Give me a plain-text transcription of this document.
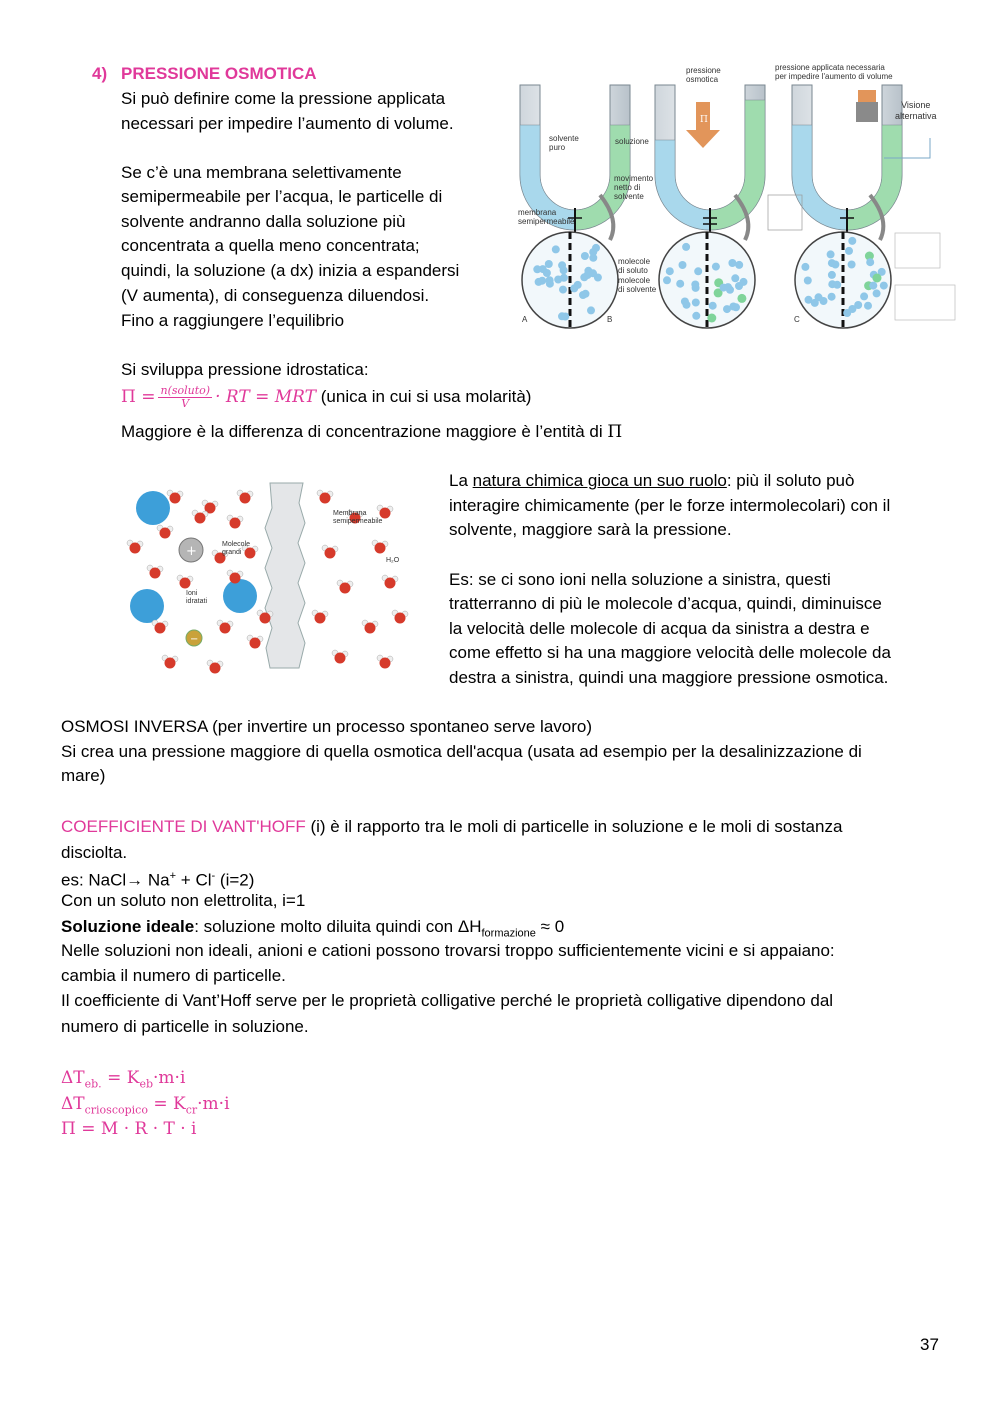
4) PRESSIONE OSMOTICA
Si può definire come la pressione applicata
necessari per impedire l’aumento di volume.
Se c’è una membrana selettivamente
semipermeabile per l’acqua, le particelle di
solvente andranno dalla soluzione più
concentrata a quella meno concentrata;
quindi, la soluzione (a dx) inizia a espandersi
(V aumenta), di conseguenza diluendosi.
Fino a raggiungere l’equilibrio
Si sviluppa pressione idrostatica:
$\Pi = \frac{\text{n(soluto)}}{V}$ · RT = MRT (unica in cui si usa molarità)
Maggiore è la differenza di concentrazione maggiore è l’entità di Π
Π
solvente
puro
soluzione
pressione
osmotica
pressione applicata necessaria
per impedire l'aumento di volume
Visione
alternativa
movimento
netto di
solvente
membrana
semipermeabile
molecole
di soluto
molecole
di solvente
A	B	C
+
−
Molecole
grandi
Ioni
idratati
Membrana
semipermeabile
H₂O
La natura chimica gioca un suo ruolo: più il soluto può
interagire chimicamente (per le forze intermolecolari) con il
solvente, maggiore sarà la pressione.
Es: se ci sono ioni nella soluzione a sinistra, questi
tratterranno di più le molecole d’acqua, quindi, diminuisce
la velocità delle molecole di acqua da sinistra a destra e
come effetto si ha una maggiore velocità delle molecole da
destra a sinistra, quindi una maggiore pressione osmotica.
OSMOSI INVERSA (per invertire un processo spontaneo serve lavoro)
Si crea una pressione maggiore di quella osmotica dell'acqua (usata ad esempio per la desalinizzazione di
mare)
COEFFICIENTE DI VANT'HOFF (i) è il rapporto tra le moli di particelle in soluzione e le moli di sostanza
disciolta.
es: NaCl→ Na+ + Cl- (i=2)
Con un soluto non elettrolita, i=1
Soluzione ideale: soluzione molto diluita quindi con $\Delta H_{formazione} \approx 0$
Nelle soluzioni non ideali, anioni e cationi possono trovarsi troppo sufficientemente vicini e si appaiano:
cambia il numero di particelle.
Il coefficiente di Vant’Hoff serve per le proprietà colligative perché le proprietà colligative dipendono dal
numero di particelle in soluzione.
$\Delta T_{eb.} = K_{eb}\cdot m\cdot i$
$\Delta T_{crioscopico} = K_{cr}\cdot m\cdot i$
Π = M · R · T · i
37
